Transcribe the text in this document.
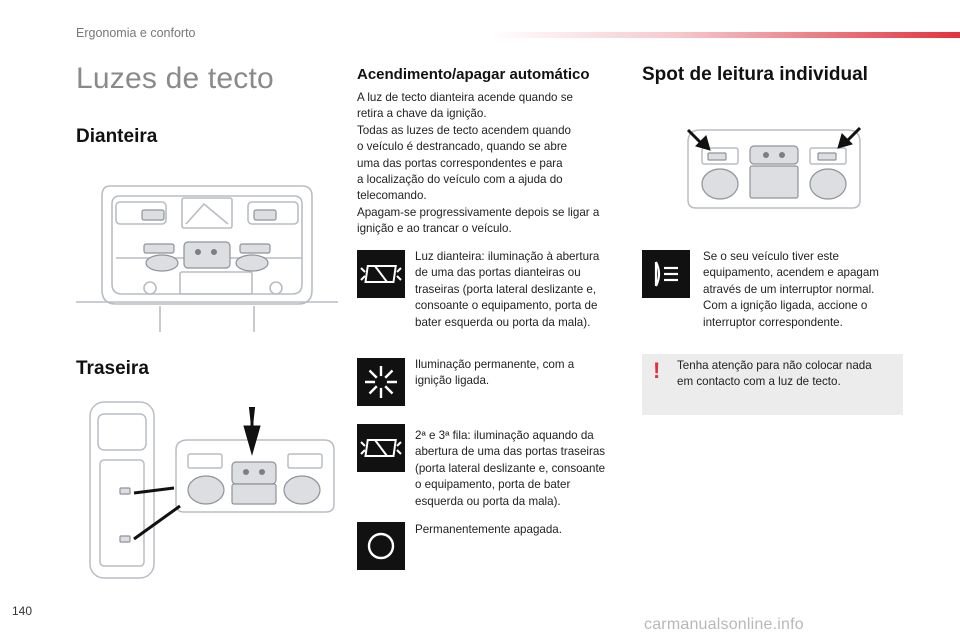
Ergonomia e conforto
Luzes de tecto
Dianteira
Traseira
Acendimento/apagar automático
A luz de tecto dianteira acende quando se
retira a chave da ignição.
Todas as luzes de tecto acendem quando
o veículo é destrancado, quando se abre
uma das portas correspondentes e para
a localização do veículo com a ajuda do
telecomando.
Apagam-se progressivamente depois se ligar a
ignição e ao trancar o veículo.
Luz dianteira: iluminação à abertura
de uma das portas dianteiras ou
traseiras (porta lateral deslizante e,
consoante o equipamento, porta de
bater esquerda ou porta da mala).
Iluminação permanente, com a
ignição ligada.
2ª e 3ª fila: iluminação aquando da
abertura de uma das portas traseiras
(porta lateral deslizante e, consoante
o equipamento, porta de bater
esquerda ou porta da mala).
Permanentemente apagada.
Spot de leitura individual
Se o seu veículo tiver este
equipamento, acendem e apagam
através de um interruptor normal.
Com a ignição ligada, accione o
interruptor correspondente.
! Tenha atenção para não colocar nada
em contacto com a luz de tecto.
140
carmanualsonline.info
